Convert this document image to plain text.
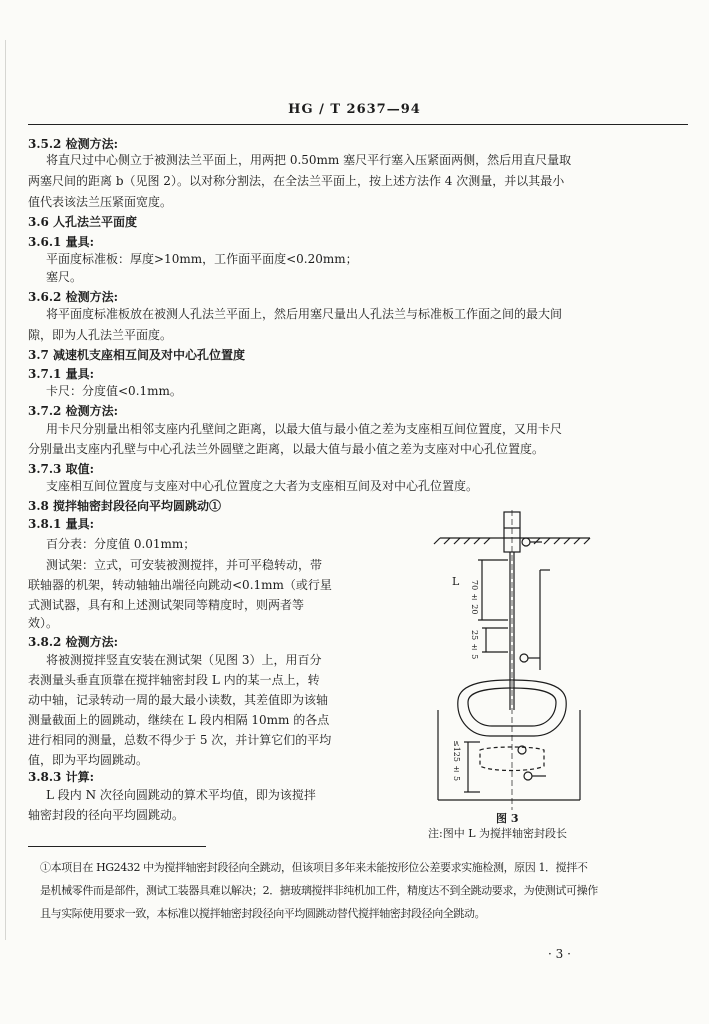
HG / T 2637—94
3.5.2 检测方法:
将直尺过中心侧立于被测法兰平面上，用两把 0.50mm 塞尺平行塞入压紧面两侧，然后用直尺量取
两塞尺间的距离 b（见图 2）。以对称分割法，在全法兰平面上，按上述方法作 4 次测量，并以其最小
值代表该法兰压紧面宽度。
3.6 人孔法兰平面度
3.6.1 量具:
平面度标准板：厚度>10mm，工作面平面度<0.20mm；
塞尺。
3.6.2 检测方法:
将平面度标准板放在被测人孔法兰平面上，然后用塞尺量出人孔法兰与标准板工作面之间的最大间
隙，即为人孔法兰平面度。
3.7 减速机支座相互间及对中心孔位置度
3.7.1 量具:
卡尺：分度值<0.1mm。
3.7.2 检测方法:
用卡尺分别量出相邻支座内孔壁间之距离，以最大值与最小值之差为支座相互间位置度，又用卡尺
分别量出支座内孔壁与中心孔法兰外圆壁之距离，以最大值与最小值之差为支座对中心孔位置度。
3.7.3 取值:
支座相互间位置度与支座对中心孔位置度之大者为支座相互间及对中心孔位置度。
3.8 搅拌轴密封段径向平均圆跳动①
3.8.1 量具:
百分表：分度值 0.01mm；
测试架：立式，可安装被测搅拌，并可平稳转动，带
联轴器的机架，转动轴轴出端径向跳动<0.1mm（或行星
式测试器，具有和上述测试架同等精度时，则两者等
效）。
3.8.2 检测方法:
将被测搅拌竖直安装在测试架（见图 3）上，用百分
表测量头垂直顶靠在搅拌轴密封段 L 内的某一点上，转
动中轴，记录转动一周的最大最小读数，其差值即为该轴
测量截面上的圆跳动，继续在 L 段内相隔 10mm 的各点
进行相同的测量，总数不得少于 5 次，并计算它们的平均
值，即为平均圆跳动。
3.8.3 计算:
L 段内 N 次径向圆跳动的算术平均值，即为该搅拌
轴密封段的径向平均圆跳动。
L 70 ± 20
25 ± 5
≤125 ± 5
图 3
注:图中 L 为搅拌轴密封段长
①本项目在 HG2432 中为搅拌轴密封段径向全跳动，但该项目多年来未能按形位公差要求实施检测，原因 1．搅拌不
是机械零件而是部件，测试工装器具难以解决；2．搪玻璃搅拌非纯机加工件，精度达不到全跳动要求，为使测试可操作
且与实际使用要求一致，本标准以搅拌轴密封段径向平均圆跳动替代搅拌轴密封段径向全跳动。
· 3 ·
